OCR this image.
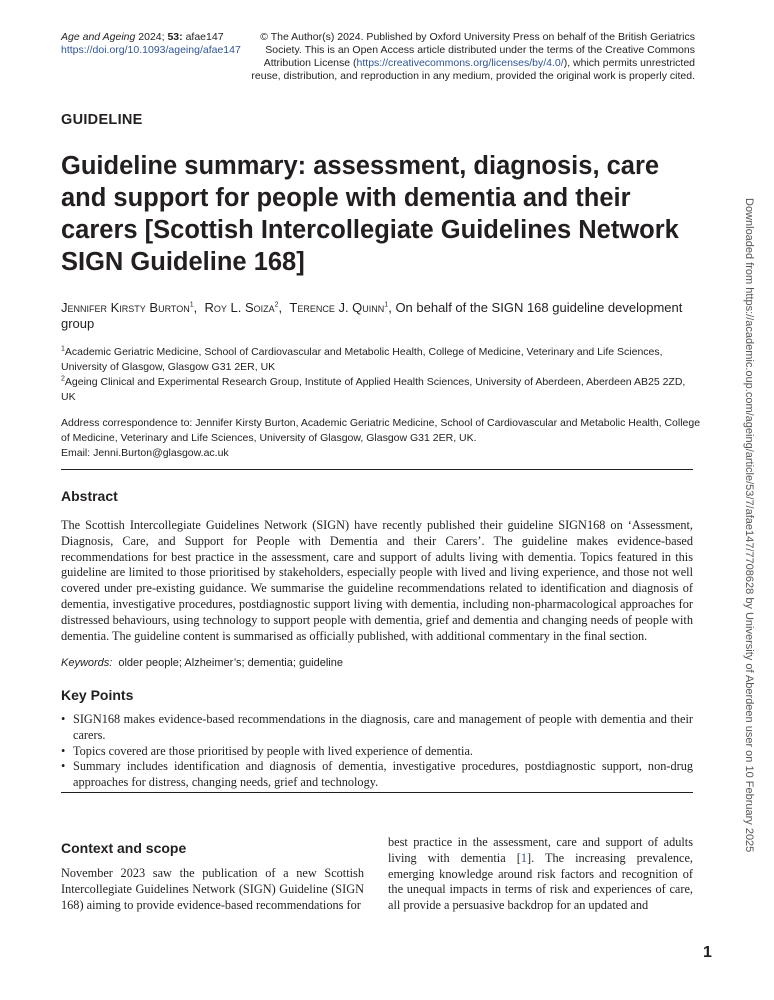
Age and Ageing 2024; 53: afae147
https://doi.org/10.1093/ageing/afae147
© The Author(s) 2024. Published by Oxford University Press on behalf of the British Geriatrics Society. This is an Open Access article distributed under the terms of the Creative Commons Attribution License (https://creativecommons.org/licenses/by/4.0/), which permits unrestricted reuse, distribution, and reproduction in any medium, provided the original work is properly cited.
GUIDELINE
Guideline summary: assessment, diagnosis, care and support for people with dementia and their carers [Scottish Intercollegiate Guidelines Network SIGN Guideline 168]
Jennifer Kirsty Burton$^1$,  Roy L. Soiza$^2$,  Terence J. Quinn$^1$, On behalf of the SIGN 168 guideline development group
$^1$Academic Geriatric Medicine, School of Cardiovascular and Metabolic Health, College of Medicine, Veterinary and Life Sciences, University of Glasgow, Glasgow G31 2ER, UK
$^2$Ageing Clinical and Experimental Research Group, Institute of Applied Health Sciences, University of Aberdeen, Aberdeen AB25 2ZD, UK
Address correspondence to: Jennifer Kirsty Burton, Academic Geriatric Medicine, School of Cardiovascular and Metabolic Health, College of Medicine, Veterinary and Life Sciences, University of Glasgow, Glasgow G31 2ER, UK.
Email: Jenni.Burton@glasgow.ac.uk
Abstract

The Scottish Intercollegiate Guidelines Network (SIGN) have recently published their guideline SIGN168 on ‘Assessment, Diagnosis, Care, and Support for People with Dementia and their Carers’. The guideline makes evidence-based recommendations for best practice in the assessment, care and support of adults living with dementia. Topics featured in this guideline are limited to those prioritised by stakeholders, especially people with lived and living experience, and those not well covered under pre-existing guidance. We summarise the guideline recommendations related to identification and diagnosis of dementia, investigative procedures, postdiagnostic support living with dementia, including non-pharmacological approaches for distressed behaviours, using technology to support people with dementia, grief and dementia and changing needs of people with dementia. The guideline content is summarised as officially published, with additional commentary in the final section.

Keywords: older people; Alzheimer’s; dementia; guideline
Key Points
• SIGN168 makes evidence-based recommendations in the diagnosis, care and management of people with dementia and their carers.
• Topics covered are those prioritised by people with lived experience of dementia.
• Summary includes identification and diagnosis of dementia, investigative procedures, postdiagnostic support, non-drug approaches for distress, changing needs, grief and technology.
Context and scope

November 2023 saw the publication of a new Scottish Intercollegiate Guidelines Network (SIGN) Guideline (SIGN 168) aiming to provide evidence-based recommendations for

best practice in the assessment, care and support of adults living with dementia [1]. The increasing prevalence, emerging knowledge around risk factors and recognition of the unequal impacts in terms of risk and experiences of care, all provide a persuasive backdrop for an updated and

Downloaded from https://academic.oup.com/ageing/article/53/7/afae147/7708628 by University of Aberdeen user on 10 February 2025
1
